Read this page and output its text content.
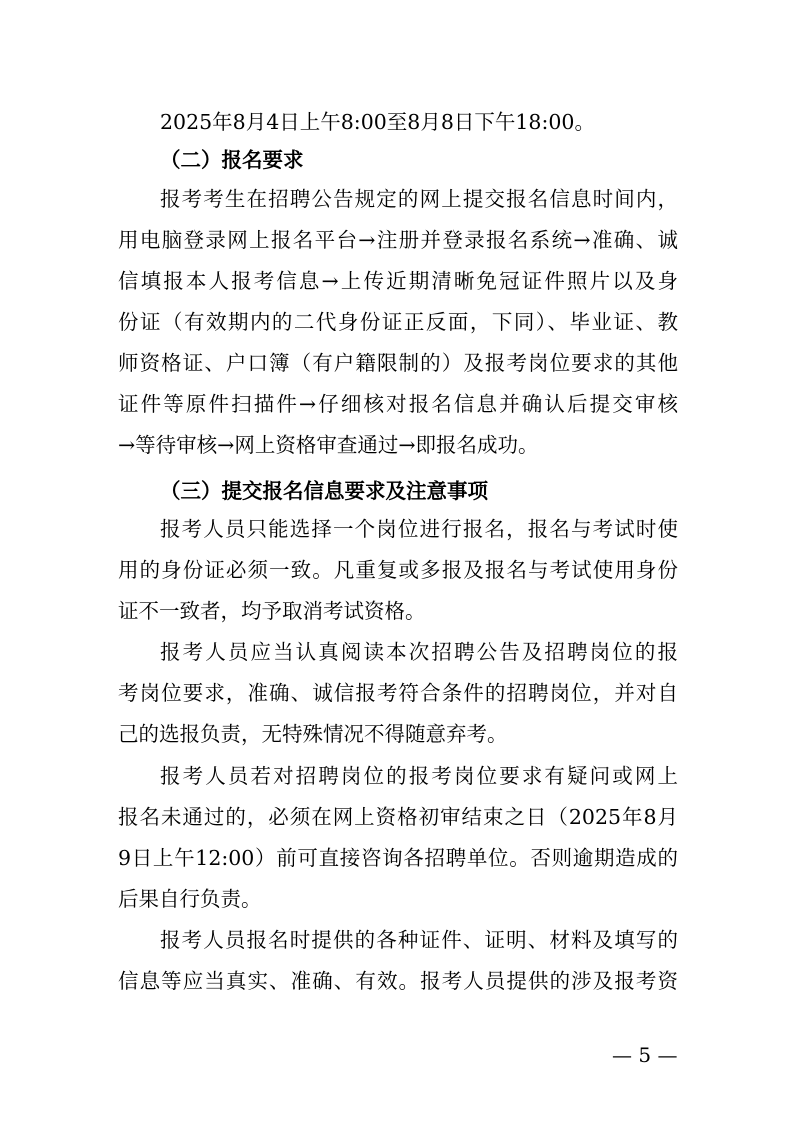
2025年8月4日上午8:00至8月8日下午18:00。
（二）报名要求
报考考生在招聘公告规定的网上提交报名信息时间内，
用电脑登录网上报名平台→注册并登录报名系统→准确、诚
信填报本人报考信息→上传近期清晰免冠证件照片以及身
份证（有效期内的二代身份证正反面，下同）、毕业证、教
师资格证、户口簿（有户籍限制的）及报考岗位要求的其他
证件等原件扫描件→仔细核对报名信息并确认后提交审核
→等待审核→网上资格审查通过→即报名成功。
（三）提交报名信息要求及注意事项
报考人员只能选择一个岗位进行报名，报名与考试时使
用的身份证必须一致。凡重复或多报及报名与考试使用身份
证不一致者，均予取消考试资格。
报考人员应当认真阅读本次招聘公告及招聘岗位的报
考岗位要求，准确、诚信报考符合条件的招聘岗位，并对自
己的选报负责，无特殊情况不得随意弃考。
报考人员若对招聘岗位的报考岗位要求有疑问或网上
报名未通过的，必须在网上资格初审结束之日（2025年8月
9日上午12:00）前可直接咨询各招聘单位。否则逾期造成的
后果自行负责。
报考人员报名时提供的各种证件、证明、材料及填写的
信息等应当真实、准确、有效。报考人员提供的涉及报考资
— 5 —
